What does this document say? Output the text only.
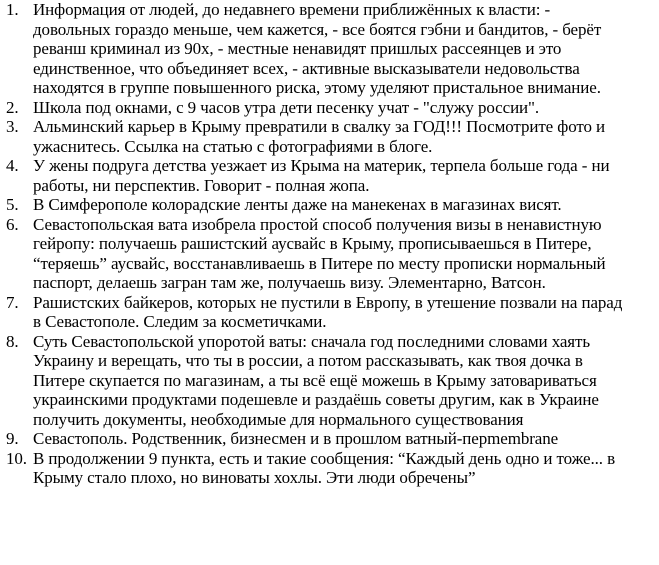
1. Информация от людей, до недавнего времени приближённых к власти: -
довольных гораздо меньше, чем кажется, - все боятся гэбни и бандитов, - берёт
реванш криминал из 90х, - местные ненавидят пришлых рассеянцев и это
единственное, что объединяет всех, - активные высказыватели недовольства
находятся в группе повышенного риска, этому уделяют пристальное внимание.
2. Школа под окнами, с 9 часов утра дети песенку учат - "служу россии".
3. Альминский карьер в Крыму превратили в свалку за ГОД!!! Посмотрите фото и
ужаснитесь. Ссылка на статью с фотографиями в блоге.
4. У жены подруга детства уезжает из Крыма на материк, терпела больше года - ни
работы, ни перспектив. Говорит - полная жопа.
5. В Симферополе колорадские ленты даже на манекенах в магазинах висят.
6. Севастопольская вата изобрела простой способ получения визы в ненавистную
гейропу: получаешь рашистский аусвайс в Крыму, прописываешься в Питере,
“теряешь” аусвайс, восстанавливаешь в Питере по месту прописки нормальный
паспорт, делаешь загран там же, получаешь визу. Элементарно, Ватсон.
7. Рашистских байкеров, которых не пустили в Европу, в утешение позвали на парад
в Севастополе. Следим за косметичками.
8. Суть Севастопольской упоротой ваты: сначала год последними словами хаять
Украину и верещать, что ты в россии, а потом рассказывать, как твоя дочка в
Питере скупается по магазинам, а ты всё ещё можешь в Крыму затовариваться
украинскими продуктами подешевле и раздаёшь советы другим, как в Украине
получить документы, необходимые для нормального существования
9. Севастополь. Родственник, бизнесмен и в прошлом ватный-перmembrane
10. В продолжении 9 пункта, есть и такие сообщения: “Каждый день одно и тоже... в
Крыму стало плохо, но виноваты хохлы. Эти люди обречены”
